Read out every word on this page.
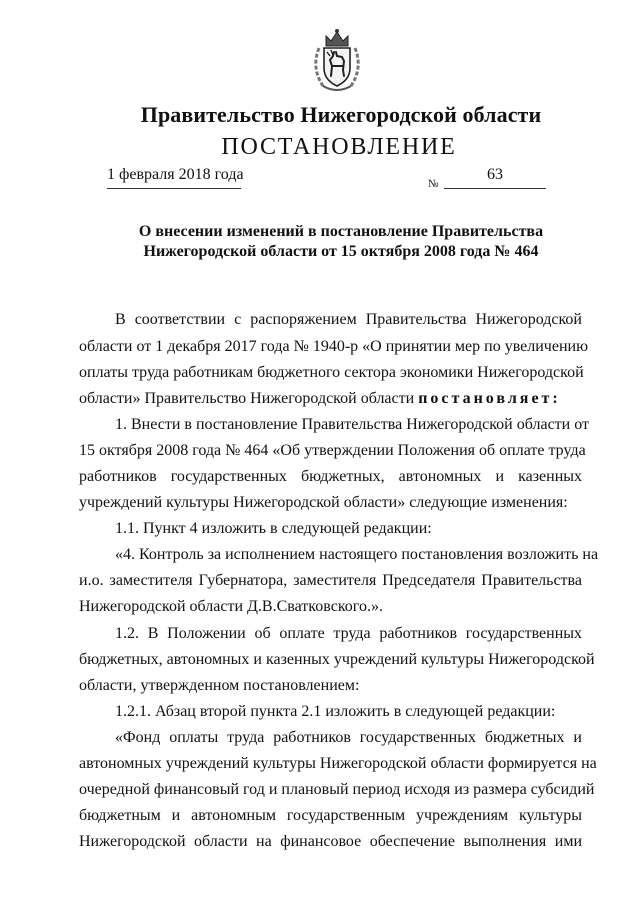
Правительство Нижегородской области
ПОСТАНОВЛЕНИЕ
1 февраля 2018 года
№
63
О внесении изменений в постановление Правительства
Нижегородской области от 15 октября 2008 года № 464
В соответствии с распоряжением Правительства Нижегородской
области от 1 декабря 2017 года № 1940-р «О принятии мер по увеличению
оплаты труда работникам бюджетного сектора экономики Нижегородской
области» Правительство Нижегородской области постановляет:
1. Внести в постановление Правительства Нижегородской области от
15 октября 2008 года № 464 «Об утверждении Положения об оплате труда
работников государственных бюджетных, автономных и казенных
учреждений культуры Нижегородской области» следующие изменения:
1.1. Пункт 4 изложить в следующей редакции:
«4. Контроль за исполнением настоящего постановления возложить на
и.о. заместителя Губернатора, заместителя Председателя Правительства
Нижегородской области Д.В.Сватковского.».
1.2. В Положении об оплате труда работников государственных
бюджетных, автономных и казенных учреждений культуры Нижегородской
области, утвержденном постановлением:
1.2.1. Абзац второй пункта 2.1 изложить в следующей редакции:
«Фонд оплаты труда работников государственных бюджетных и
автономных учреждений культуры Нижегородской области формируется на
очередной финансовый год и плановый период исходя из размера субсидий
бюджетным и автономным государственным учреждениям культуры
Нижегородской области на финансовое обеспечение выполнения ими
